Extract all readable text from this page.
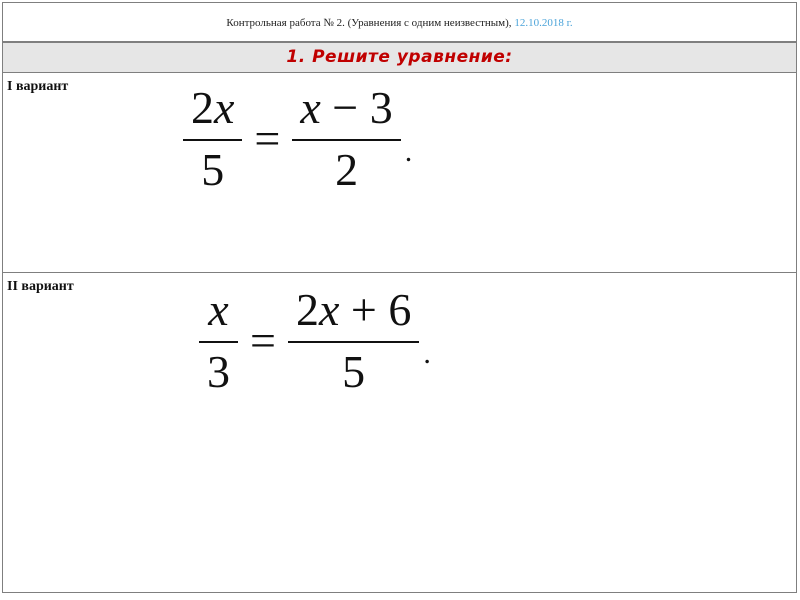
Контрольная работа № 2. (Уравнения с одним неизвестным), 12.10.2018 г.
1. Решите уравнение:
I вариант $\frac{2x}{5} = \frac{x - 3}{2}$ .
II вариант
$\frac{x}{3} = \frac{2x + 6}{5}$ .
